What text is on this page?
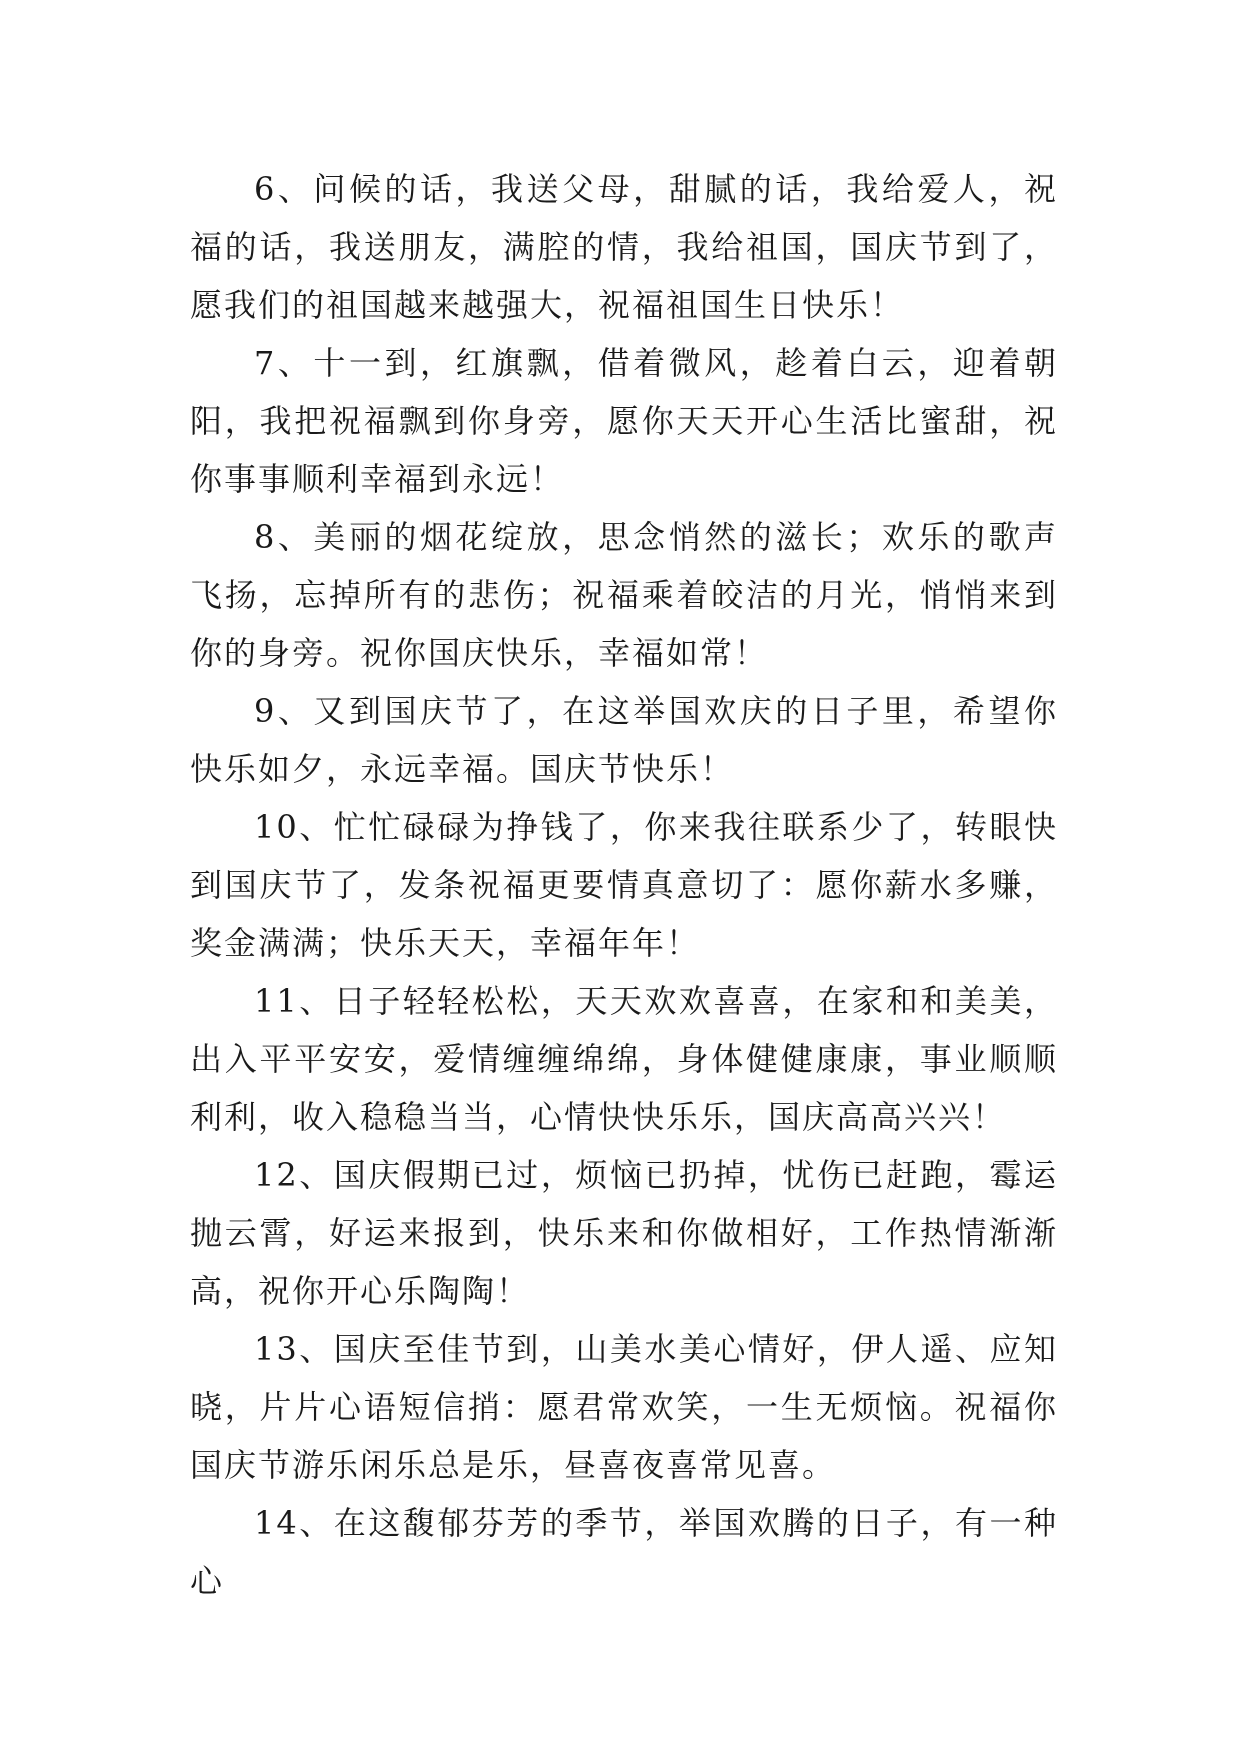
6、问候的话，我送父母，甜腻的话，我给爱人，祝福的话，我送朋友，满腔的情，我给祖国，国庆节到了，愿我们的祖国越来越强大，祝福祖国生日快乐！

7、十一到，红旗飘，借着微风，趁着白云，迎着朝阳，我把祝福飘到你身旁，愿你天天开心生活比蜜甜，祝你事事顺利幸福到永远！

8、美丽的烟花绽放，思念悄然的滋长；欢乐的歌声飞扬，忘掉所有的悲伤；祝福乘着皎洁的月光，悄悄来到你的身旁。祝你国庆快乐，幸福如常！

9、又到国庆节了，在这举国欢庆的日子里，希望你快乐如夕，永远幸福。国庆节快乐！

10、忙忙碌碌为挣钱了，你来我往联系少了，转眼快到国庆节了，发条祝福更要情真意切了：愿你薪水多赚，奖金满满；快乐天天，幸福年年！

11、日子轻轻松松，天天欢欢喜喜，在家和和美美，出入平平安安，爱情缠缠绵绵，身体健健康康，事业顺顺利利，收入稳稳当当，心情快快乐乐，国庆高高兴兴！

12、国庆假期已过，烦恼已扔掉，忧伤已赶跑，霉运抛云霄，好运来报到，快乐来和你做相好，工作热情渐渐高，祝你开心乐陶陶！

13、国庆至佳节到，山美水美心情好，伊人遥、应知晓，片片心语短信捎：愿君常欢笑，一生无烦恼。祝福你国庆节游乐闲乐总是乐，昼喜夜喜常见喜。

14、在这馥郁芬芳的季节，举国欢腾的日子，有一种心
